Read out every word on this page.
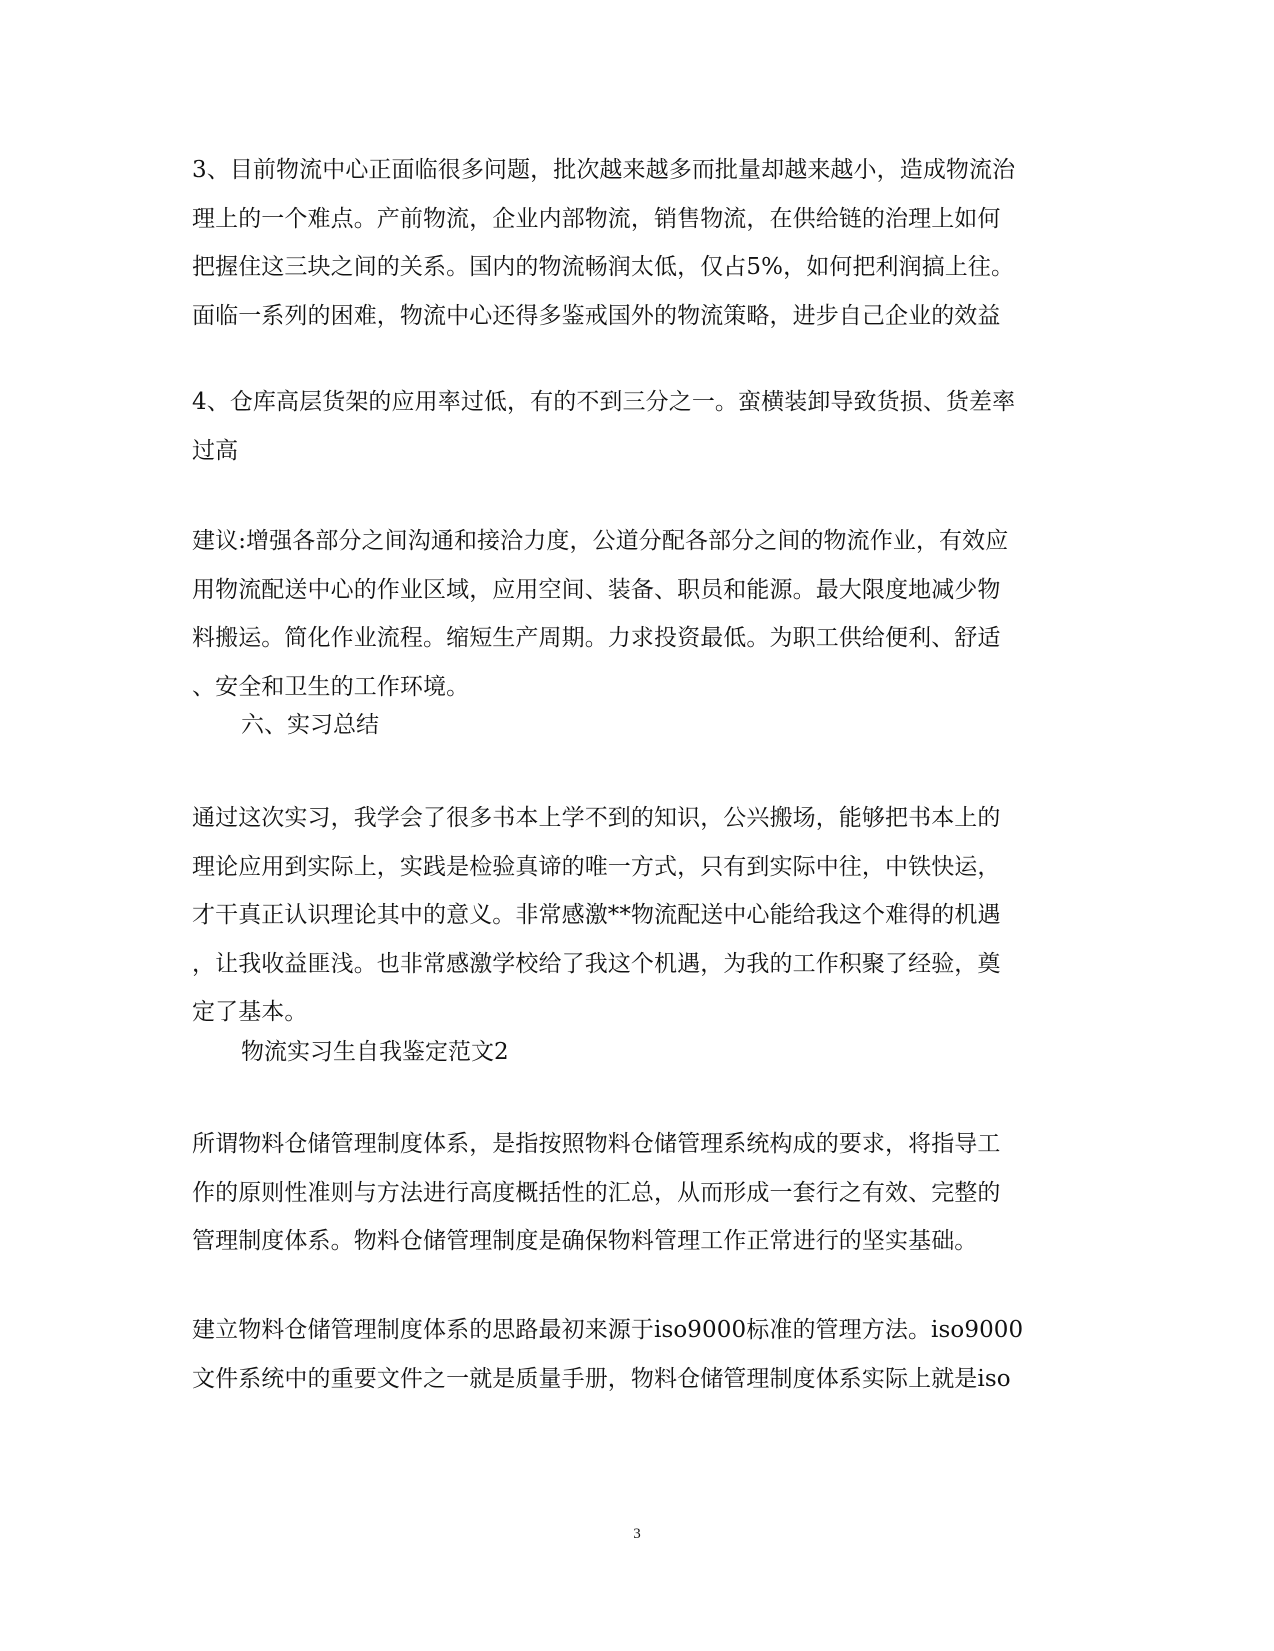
3、目前物流中心正面临很多问题，批次越来越多而批量却越来越小，造成物流治
理上的一个难点。产前物流，企业内部物流，销售物流，在供给链的治理上如何
把握住这三块之间的关系。国内的物流畅润太低，仅占5%，如何把利润搞上往。
面临一系列的困难，物流中心还得多鉴戒国外的物流策略，进步自己企业的效益
4、仓库高层货架的应用率过低，有的不到三分之一。蛮横装卸导致货损、货差率
过高
建议:增强各部分之间沟通和接洽力度，公道分配各部分之间的物流作业，有效应
用物流配送中心的作业区域，应用空间、装备、职员和能源。最大限度地减少物
料搬运。简化作业流程。缩短生产周期。力求投资最低。为职工供给便利、舒适
、安全和卫生的工作环境。
六、实习总结
通过这次实习，我学会了很多书本上学不到的知识，公兴搬场，能够把书本上的
理论应用到实际上，实践是检验真谛的唯一方式，只有到实际中往，中铁快运，
才干真正认识理论其中的意义。非常感激**物流配送中心能给我这个难得的机遇
，让我收益匪浅。也非常感激学校给了我这个机遇，为我的工作积聚了经验，奠
定了基本。
物流实习生自我鉴定范文2
所谓物料仓储管理制度体系，是指按照物料仓储管理系统构成的要求，将指导工
作的原则性准则与方法进行高度概括性的汇总，从而形成一套行之有效、完整的
管理制度体系。物料仓储管理制度是确保物料管理工作正常进行的坚实基础。
建立物料仓储管理制度体系的思路最初来源于iso9000标准的管理方法。iso9000
文件系统中的重要文件之一就是质量手册，物料仓储管理制度体系实际上就是iso
3
